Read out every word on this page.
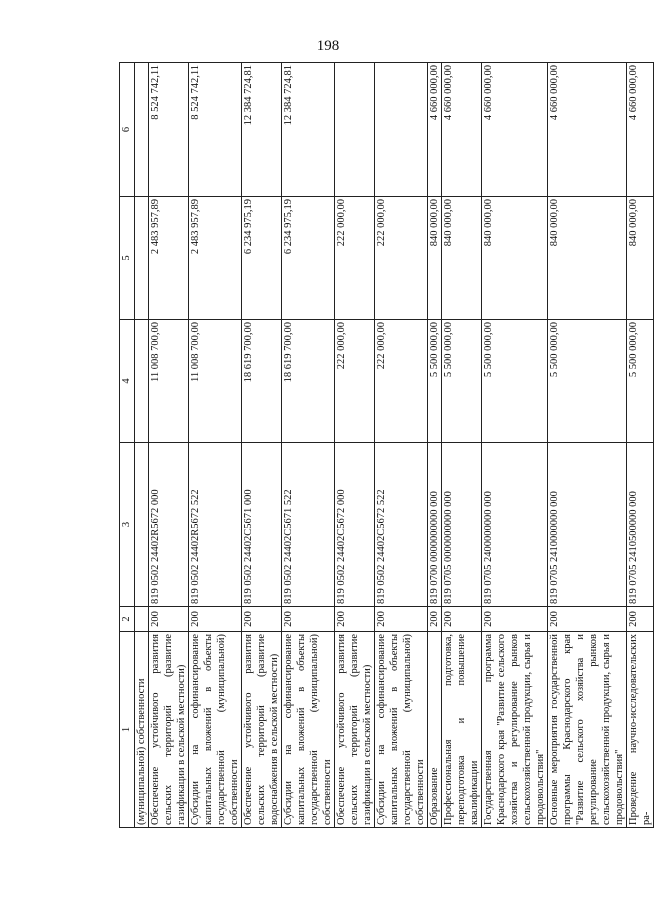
198
1	2	3	4	5	6
(муниципальной) собственности					
Обеспечение устойчивого развития сельских территорий (развитие газификации в сельской местности)	200	819 0502 24402R5672 000	11 008 700,00	2 483 957,89	8 524 742,11
Субсидии на софинансирование капитальных вложений в объекты государственной (муниципальной) собственности	200	819 0502 24402R5672 522	11 008 700,00	2 483 957,89	8 524 742,11
Обеспечение устойчивого развития сельских территорий (развитие водоснабжения в сельской местности)	200	819 0502 24402C5671 000	18 619 700,00	6 234 975,19	12 384 724,81
Субсидии на софинансирование капитальных вложений в объекты государственной (муниципальной) собственности	200	819 0502 24402C5671 522	18 619 700,00	6 234 975,19	12 384 724,81
Обеспечение устойчивого развития сельских территорий (развитие газификации в сельской местности)	200	819 0502 24402C5672 000	222 000,00	222 000,00	
Субсидии на софинансирование капитальных вложений в объекты государственной (муниципальной) собственности	200	819 0502 24402C5672 522	222 000,00	222 000,00	
Образование	200	819 0700 0000000000 000	5 500 000,00	840 000,00	4 660 000,00
Профессиональная подготовка, переподготовка и повышение квалификации	200	819 0705 0000000000 000	5 500 000,00	840 000,00	4 660 000,00
Государственная программа Краснодарского края "Развитие сельского хозяйства и регулирование рынков сельскохозяйственной продукции, сырья и продовольствия"	200	819 0705 2400000000 000	5 500 000,00	840 000,00	4 660 000,00
Основные мероприятия государственной программы Краснодарского края "Развитие сельского хозяйства и регулирование рынков сельскохозяйственной продукции, сырья и продовольствия"	200	819 0705 2410000000 000	5 500 000,00	840 000,00	4 660 000,00
Проведение научно-исследовательских ра-	200	819 0705 2410500000 000	5 500 000,00	840 000,00	4 660 000,00
